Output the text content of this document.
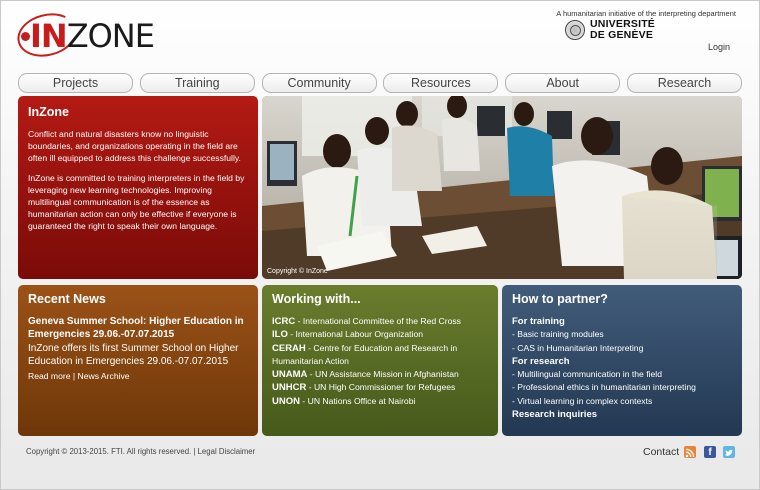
INZONE
A humanitarian initiative of the interpreting department
UNIVERSITÉ
DE GENÈVE
Login
Projects	Training	Community	Resources	About	Research
InZone

Conflict and natural disasters know no linguistic boundaries, and organizations operating in the field are often ill equipped to address this challenge successfully.

InZone is committed to training interpreters in the field by leveraging new learning technologies. Improving multilingual communication is of the essence as humanitarian action can only be effective if everyone is guaranteed the right to speak their own language.

Copyright © InZone
Recent News
Geneva Summer School: Higher Education in Emergencies 29.06.-07.07.2015
InZone offers its first Summer School on Higher Education in Emergencies 29.06.-07.07.2015
Read more | News Archive
Working with...
ICRC - International Committee of the Red Cross
ILO - International Labour Organization
CERAH - Centre for Education and Research in Humanitarian Action
UNAMA - UN Assistance Mission in Afghanistan
UNHCR - UN High Commissioner for Refugees
UNON - UN Nations Office at Nairobi
How to partner?
For training
- Basic training modules
- CAS in Humanitarian Interpreting
For research
- Multilingual communication in the field
- Professional ethics in humanitarian interpreting
- Virtual learning in complex contexts
Research inquiries
Copyright © 2013-2015. FTI. All rights reserved. | Legal Disclaimer	Contact	f
